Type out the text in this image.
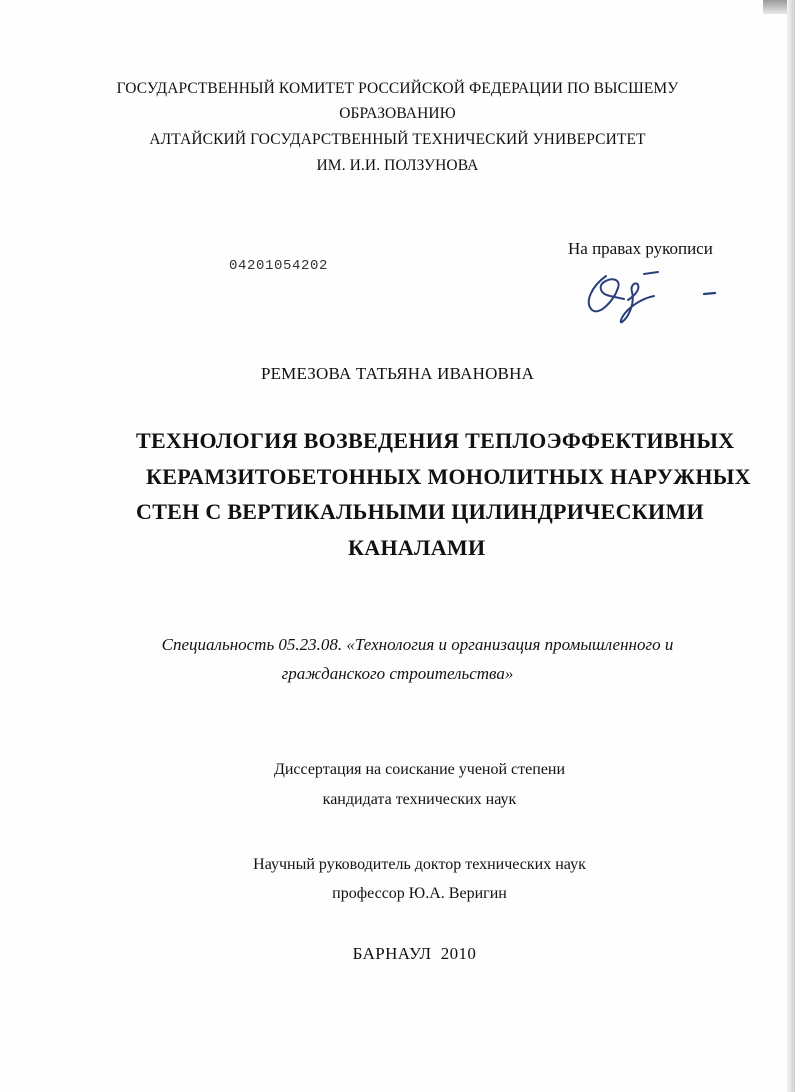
ГОСУДАРСТВЕННЫЙ КОМИТЕТ РОССИЙСКОЙ ФЕДЕРАЦИИ ПО ВЫСШЕМУ
ОБРАЗОВАНИЮ
АЛТАЙСКИЙ ГОСУДАРСТВЕННЫЙ ТЕХНИЧЕСКИЙ УНИВЕРСИТЕТ
ИМ. И.И. ПОЛЗУНОВА
На правах рукописи
04201054202
РЕМЕЗОВА ТАТЬЯНА ИВАНОВНА
ТЕХНОЛОГИЯ ВОЗВЕДЕНИЯ ТЕПЛОЭФФЕКТИВНЫХ
КЕРАМЗИТОБЕТОННЫХ МОНОЛИТНЫХ НАРУЖНЫХ
СТЕН С ВЕРТИКАЛЬНЫМИ ЦИЛИНДРИЧЕСКИМИ
КАНАЛАМИ
Специальность 05.23.08. «Технология и организация промышленного и
гражданского строительства»
Диссертация на соискание ученой степени
кандидата технических наук
Научный руководитель доктор технических наук
профессор Ю.А. Веригин
БАРНАУЛ  2010
